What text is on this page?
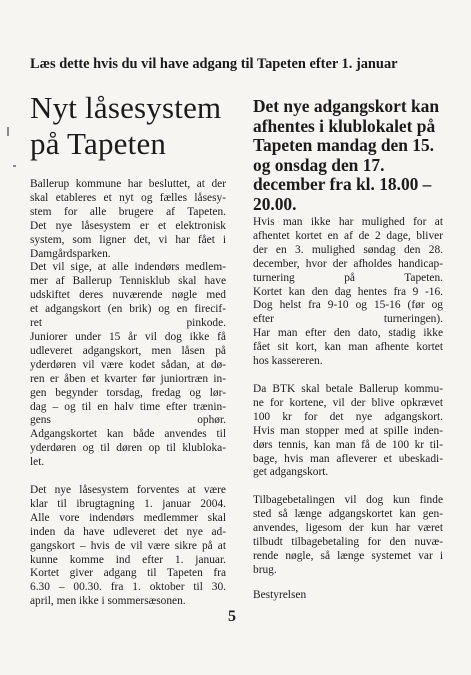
Læs dette hvis du vil have adgang til Tapeten efter 1. januar
Nyt låsesystem
på Tapeten
Ballerup kommune har besluttet, at der
skal etableres et nyt og fælles låsesy-
stem for alle brugere af Tapeten.
Det nye låsesystem er et elektronisk
system, som ligner det, vi har fået i
Damgårdsparken.
Det vil sige, at alle indendørs medlem-
mer af Ballerup Tennisklub skal have
udskiftet deres nuværende nøgle med
et adgangskort (en brik) og en firecif-
ret pinkode.
Juniorer under 15 år vil dog ikke få
udleveret adgangskort, men låsen på
yderdøren vil være kodet sådan, at dø-
ren er åben et kvarter før juniortræn in-
gen begynder torsdag, fredag og lør-
dag – og til en halv time efter trænin-
gens ophør.
Adgangskortet kan både anvendes til
yderdøren og til døren op til klubloka-
let.
Det nye låsesystem forventes at være
klar til ibrugtagning 1. januar 2004.
Alle vore indendørs medlemmer skal
inden da have udleveret det nye ad-
gangskort – hvis de vil være sikre på at
kunne komme ind efter 1. januar.
Kortet giver adgang til Tapeten fra
6.30 – 00.30. fra 1. oktober til 30.
april, men ikke i sommersæsonen.
Det nye adgangskort kan
afhentes i klublokalet på
Tapeten mandag den 15.
og onsdag den 17.
december fra kl. 18.00 –
20.00.
Hvis man ikke har mulighed for at
afhentet kortet en af de 2 dage, bliver
der en 3. mulighed søndag den 28.
december, hvor der afholdes handicap-
turnering på Tapeten.
Kortet kan den dag hentes fra 9 -16.
Dog helst fra 9-10 og 15-16 (før og
efter turneringen).
Har man efter den dato, stadig ikke
fået sit kort, kan man afhente kortet
hos kassereren.
Da BTK skal betale Ballerup kommu-
ne for kortene, vil der blive opkrævet
100 kr for det nye adgangskort.
Hvis man stopper med at spille inden-
dørs tennis, kan man få de 100 kr til-
bage, hvis man afleverer et ubeskadi-
get adgangskort.
Tilbagebetalingen vil dog kun finde
sted så længe adgangskortet kan gen-
anvendes, ligesom der kun har været
tilbudt tilbagebetaling for den nuvæ-
rende nøgle, så længe systemet var i
brug.
Bestyrelsen
5
